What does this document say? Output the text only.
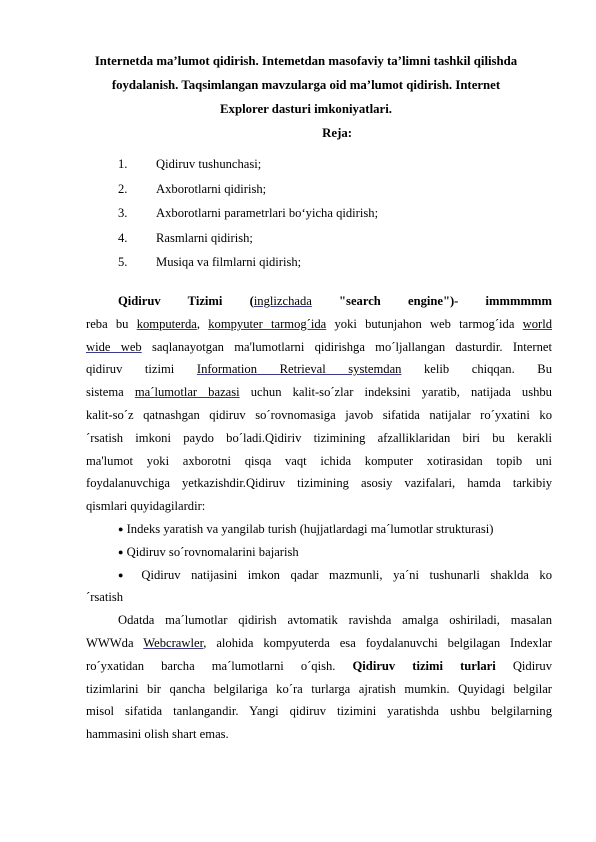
Internetda ma’lumot qidirish. Intemetdan masofaviy ta’limni tashkil qilishda
foydalanish. Taqsimlangan mavzularga oid ma’lumot qidirish. Internet
Explorer dasturi imkoniyatlari.
Reja:
1. Qidiruv tushunchasi;
2. Axborotlarni qidirish;
3. Axborotlarni parametrlari bo‘yicha qidirish;
4. Rasmlarni qidirish;
5. Musiqa va filmlarni qidirish;
Qidiruv Tizimi (inglizchada "search engine")- immmmmm
reba bu komputerda, kompyuter tarmog´ida yoki butunjahon web tarmog´ida world
wide web saqlanayotgan ma'lumotlarni qidirishga mo´ljallangan dasturdir. Internet
qidiruv tizimi Information Retrieval systemdan kelib chiqqan. Bu
sistema ma´lumotlar bazasi uchun kalit-so´zlar indeksini yaratib, natijada ushbu
kalit-so´z qatnashgan qidiruv so´rovnomasiga javob sifatida natijalar ro´yxatini ko
´rsatish imkoni paydo bo´ladi.Qidiriv tizimining afzalliklaridan biri bu kerakli
ma'lumot yoki axborotni qisqa vaqt ichida komputer xotirasidan topib uni
foydalanuvchiga yetkazishdir.Qidiruv tizimining asosiy vazifalari, hamda tarkibiy
qismlari quyidagilardir:
● Indeks yaratish va yangilab turish (hujjatlardagi ma´lumotlar strukturasi)
● Qidiruv so´rovnomalarini bajarish
● Qidiruv natijasini imkon qadar mazmunli, ya´ni tushunarli shaklda ko
´rsatish
Odatda ma´lumotlar qidirish avtomatik ravishda amalga oshiriladi, masalan
WWWda Webcrawler, alohida kompyuterda esa foydalanuvchi belgilagan Indexlar
ro´yxatidan barcha ma´lumotlarni o´qish. Qidiruv tizimi turlari Qidiruv
tizimlarini bir qancha belgilariga ko´ra turlarga ajratish mumkin. Quyidagi belgilar
misol sifatida tanlangandir. Yangi qidiruv tizimini yaratishda ushbu belgilarning
hammasini olish shart emas.
